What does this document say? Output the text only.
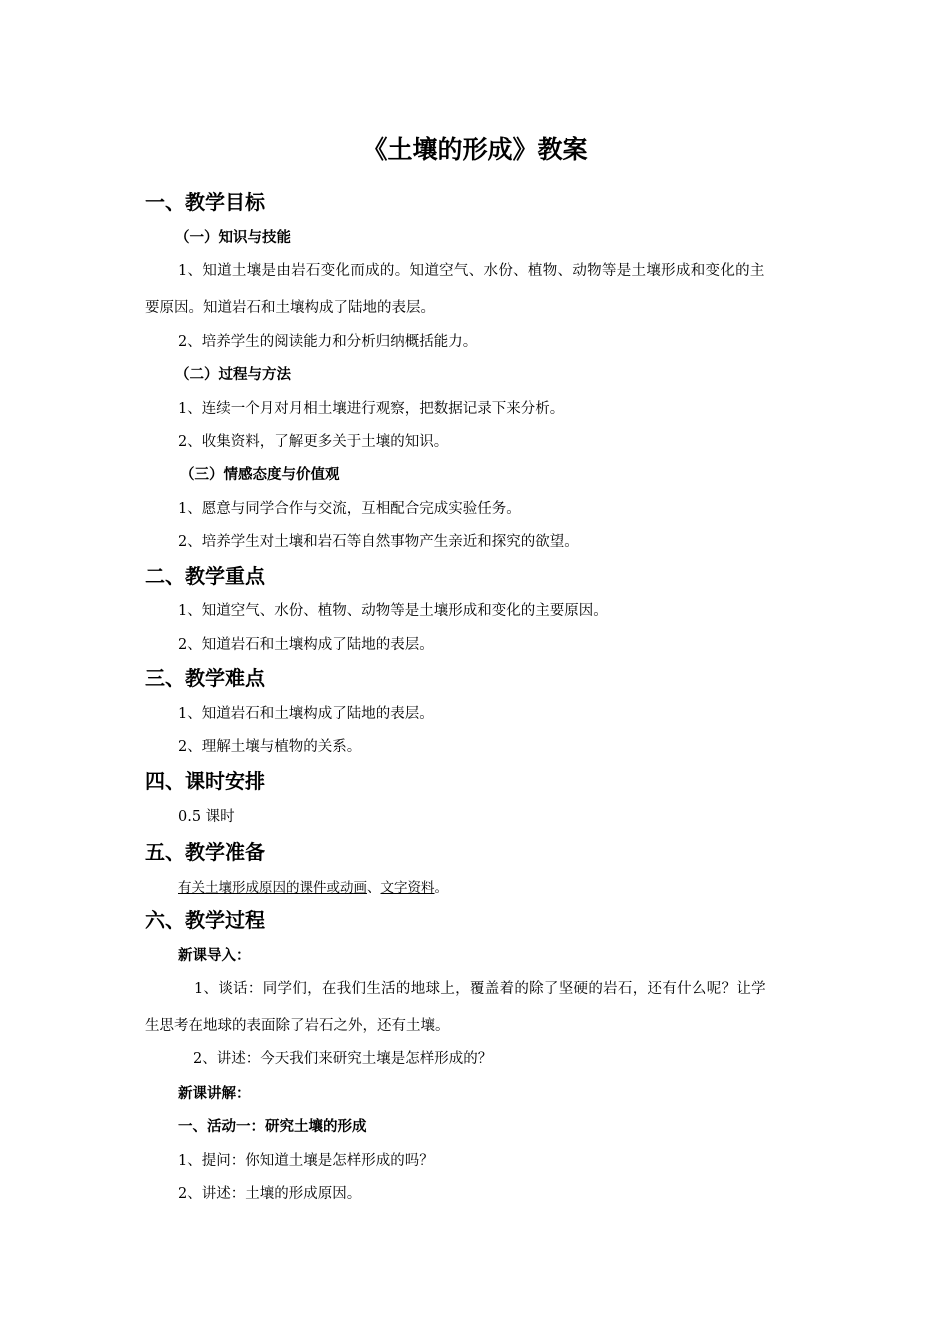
《土壤的形成》教案
一、教学目标
（一）知识与技能
1、知道土壤是由岩石变化而成的。知道空气、水份、植物、动物等是土壤形成和变化的主
要原因。知道岩石和土壤构成了陆地的表层。
2、培养学生的阅读能力和分析归纳概括能力。
（二）过程与方法
1、连续一个月对月相土壤进行观察，把数据记录下来分析。
2、收集资料，了解更多关于土壤的知识。
（三）情感态度与价值观
1、愿意与同学合作与交流，互相配合完成实验任务。
2、培养学生对土壤和岩石等自然事物产生亲近和探究的欲望。
二、教学重点
1、知道空气、水份、植物、动物等是土壤形成和变化的主要原因。
2、知道岩石和土壤构成了陆地的表层。
三、教学难点
1、知道岩石和土壤构成了陆地的表层。
2、理解土壤与植物的关系。
四、课时安排
0.5 课时
五、教学准备
有关土壤形成原因的课件或动画、文字资料。
六、教学过程
新课导入：
1、谈话：同学们，在我们生活的地球上，覆盖着的除了坚硬的岩石，还有什么呢？让学
生思考在地球的表面除了岩石之外，还有土壤。
2、讲述：今天我们来研究土壤是怎样形成的？
新课讲解：
一、活动一：研究土壤的形成
1、提问：你知道土壤是怎样形成的吗？
2、讲述：土壤的形成原因。
